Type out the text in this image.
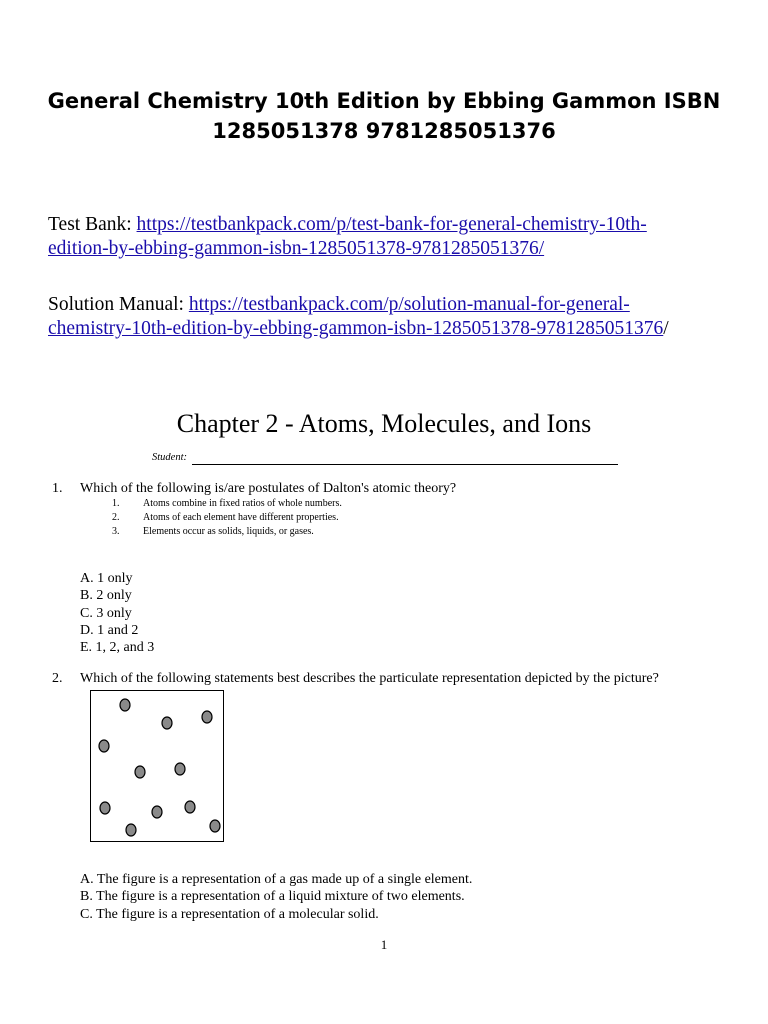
General Chemistry 10th Edition by Ebbing Gammon ISBN 1285051378 9781285051376
Test Bank: https://testbankpack.com/p/test-bank-for-general-chemistry-10th-
edition-by-ebbing-gammon-isbn-1285051378-9781285051376/
Solution Manual: https://testbankpack.com/p/solution-manual-for-general-
chemistry-10th-edition-by-ebbing-gammon-isbn-1285051378-9781285051376/
Chapter 2 - Atoms, Molecules, and Ions
Student:
1. Which of the following is/are postulates of Dalton's atomic theory?
1. Atoms combine in fixed ratios of whole numbers.
2. Atoms of each element have different properties.
3. Elements occur as solids, liquids, or gases.
A. 1 only
B. 2 only
C. 3 only
D. 1 and 2
E. 1, 2, and 3
2. Which of the following statements best describes the particulate representation depicted by the picture?
A. The figure is a representation of a gas made up of a single element.
B. The figure is a representation of a liquid mixture of two elements.
C. The figure is a representation of a molecular solid.
1
